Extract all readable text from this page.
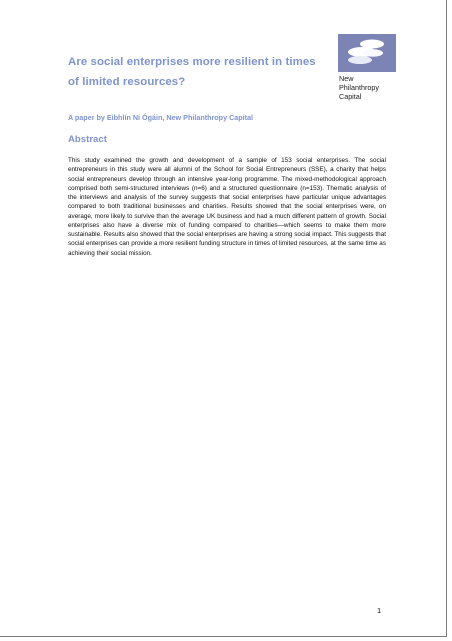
Are social enterprises more resilient in times of limited resources?	New
Philanthropy
Capital
A paper by Eibhlín Ní Ógáin, New Philanthropy Capital
Abstract
This study examined the growth and development of a sample of 153 social enterprises. The social entrepreneurs in this study were all alumni of the School for Social Entrepreneurs (SSE), a charity that helps social entrepreneurs develop through an intensive year-long programme. The mixed-methodological approach comprised both semi-structured interviews (n=6) and a structured questionnaire (n=153). Thematic analysis of the interviews and analysis of the survey suggests that social enterprises have particular unique advantages compared to both traditional businesses and charities. Results showed that the social enterprises were, on average, more likely to survive than the average UK business and had a much different pattern of growth. Social enterprises also have a diverse mix of funding compared to charities—which seems to make them more sustainable. Results also showed that the social enterprises are having a strong social impact. This suggests that social enterprises can provide a more resilient funding structure in times of limited resources, at the same time as achieving their social mission.
1
